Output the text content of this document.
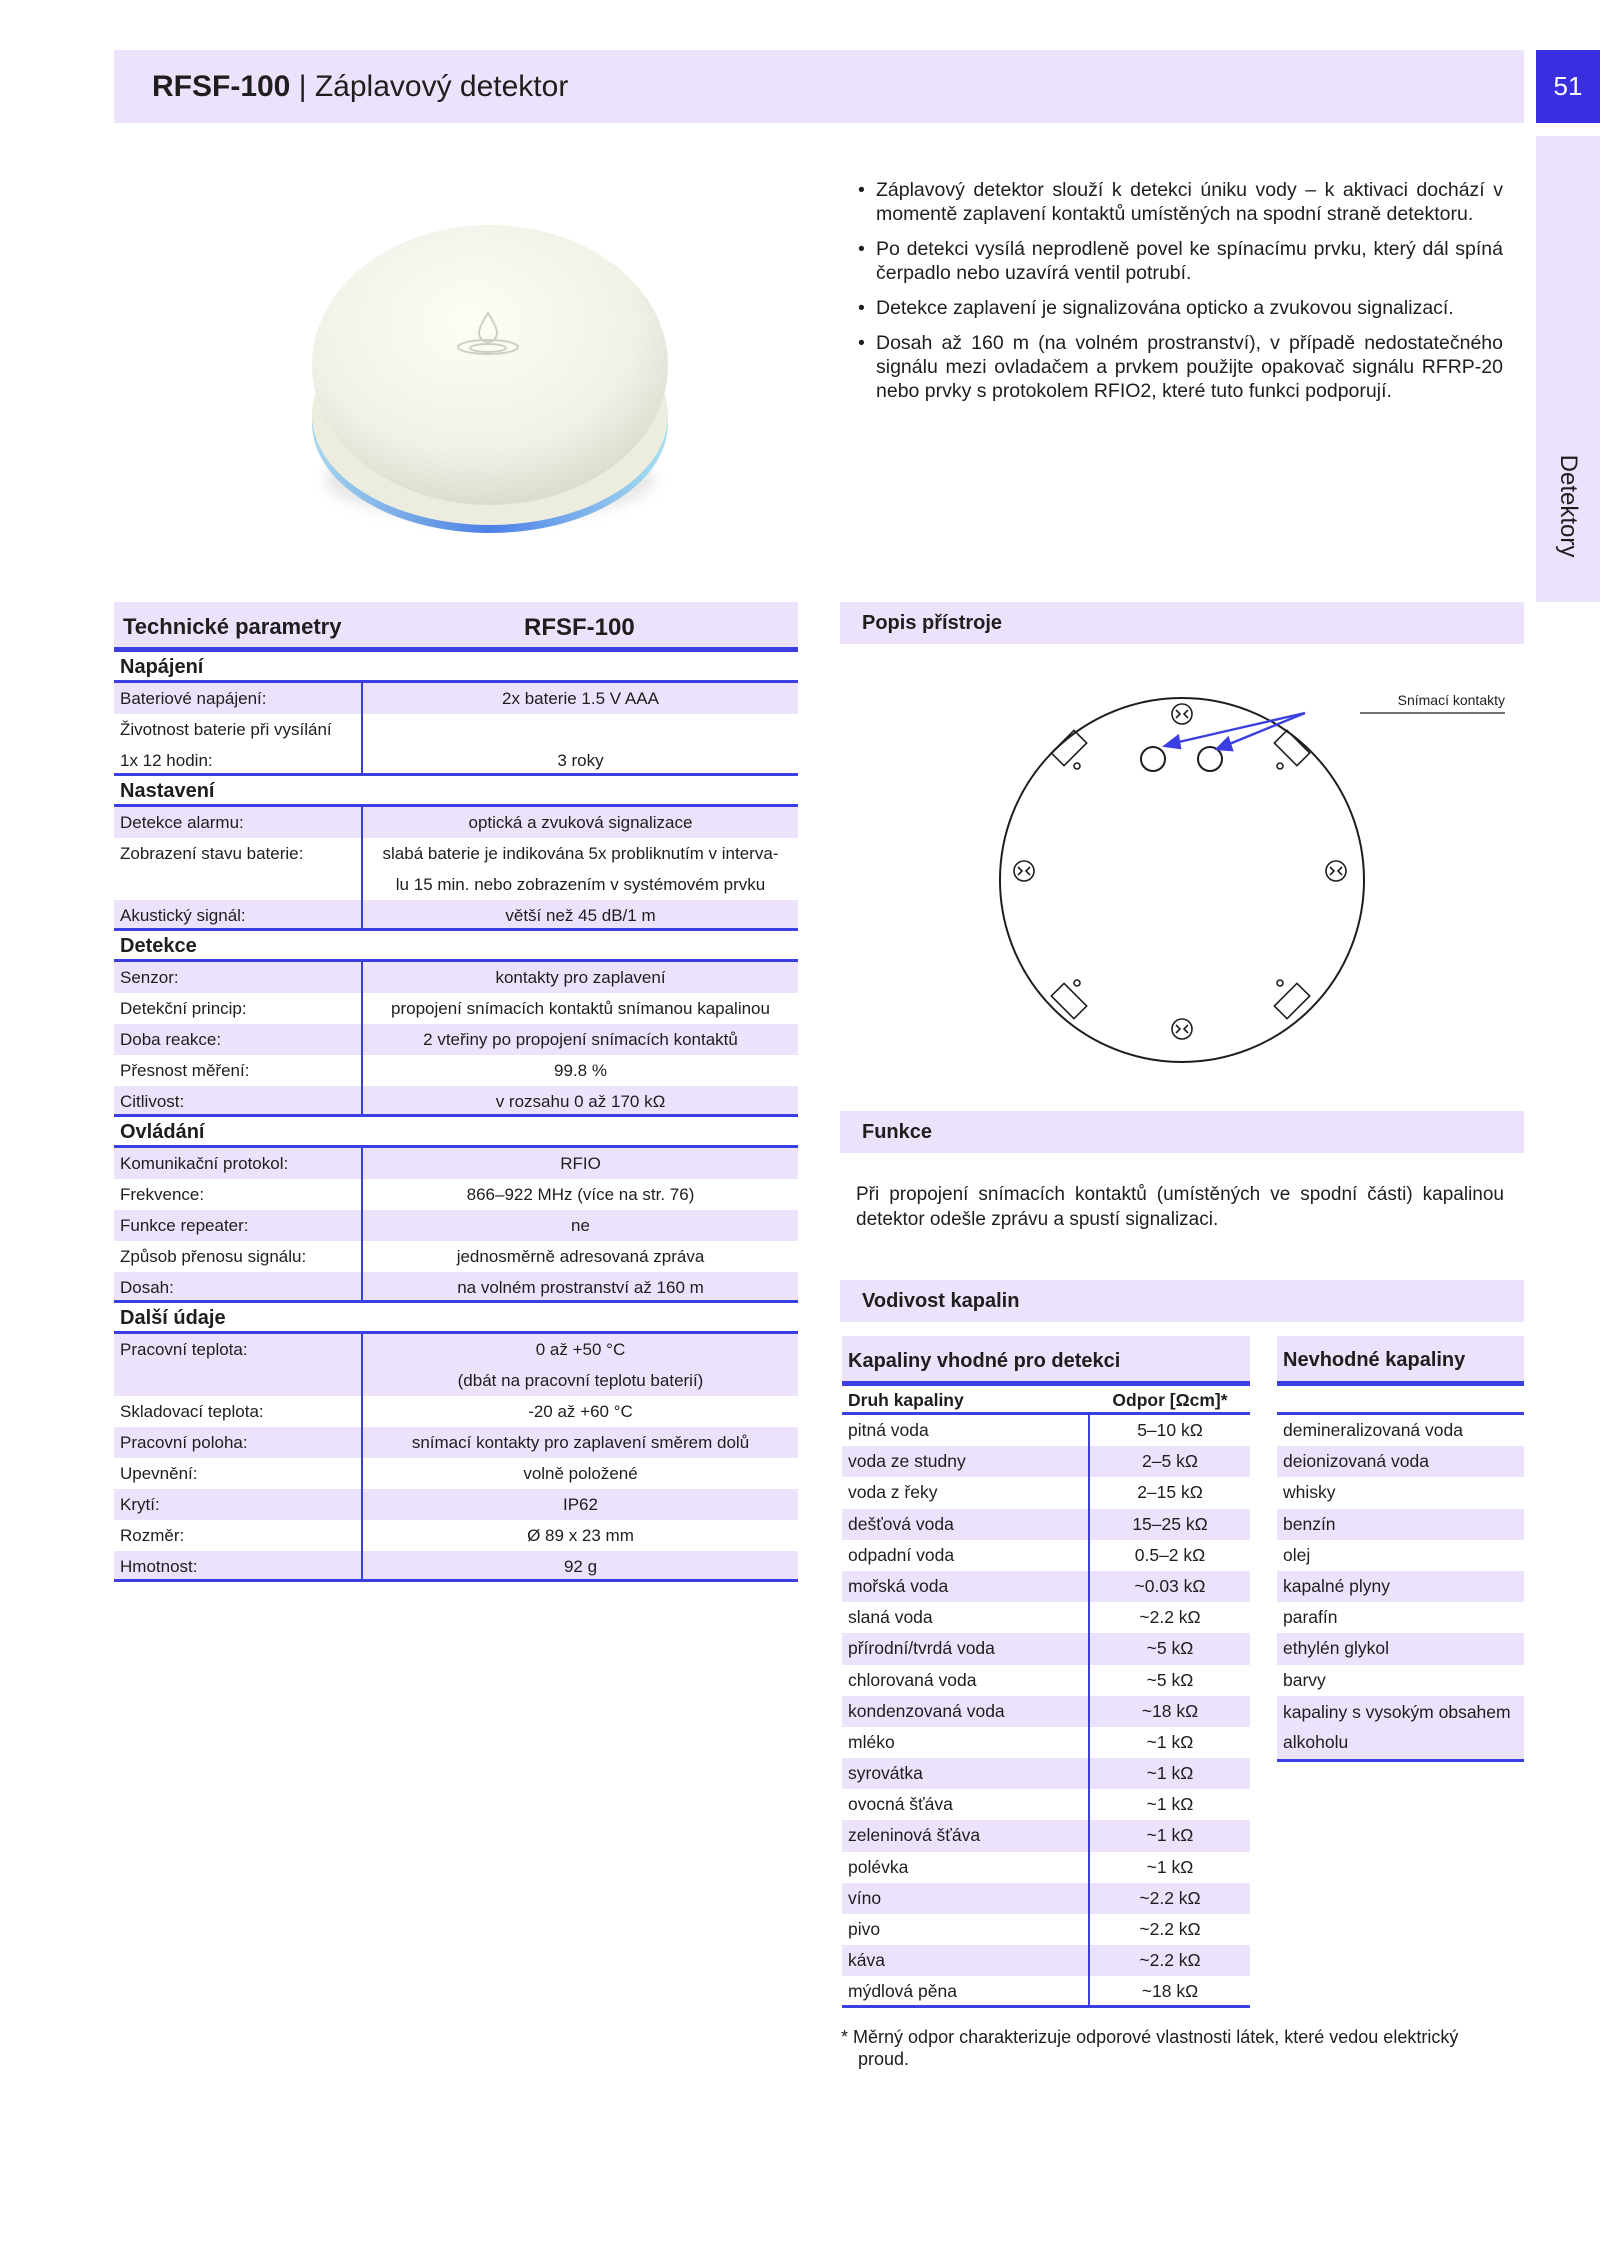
RFSF-100 | Záplavový detektor	51
Detektory
• Záplavový detektor slouží k detekci úniku vody – k aktivaci dochází v momentě zaplavení kontaktů umístěných na spodní straně detektoru.
• Po detekci vysílá neprodleně povel ke spínacímu prvku, který dál spíná čerpadlo nebo uzavírá ventil potrubí.
• Detekce zaplavení je signalizována opticko a zvukovou signalizací.
• Dosah až 160 m (na volném prostranství), v případě nedostatečného signálu mezi ovladačem a prvkem použijte opakovač signálu RFRP-20 nebo prvky s protokolem RFIO2, které tuto funkci podporují.
Technické parametry	RFSF-100
Napájení
Bateriové napájení:	2x baterie 1.5 V AAA
Životnost baterie při vysílání
1x 12 hodin:	3 roky
Nastavení
Detekce alarmu:	optická a zvuková signalizace
Zobrazení stavu baterie:	slabá baterie je indikována 5x probliknutím v interva-
lu 15 min. nebo zobrazením v systémovém prvku
Akustický signál:	větší než 45 dB/1 m
Detekce
Senzor:	kontakty pro zaplavení
Detekční princip:	propojení snímacích kontaktů snímanou kapalinou
Doba reakce:	2 vteřiny po propojení snímacích kontaktů
Přesnost měření:	99.8 %
Citlivost:	v rozsahu 0 až 170 kΩ
Ovládání
Komunikační protokol:	RFIO
Frekvence:	866–922 MHz (více na str. 76)
Funkce repeater:	ne
Způsob přenosu signálu:	jednosměrně adresovaná zpráva
Dosah:	na volném prostranství až 160 m
Další údaje
Pracovní teplota:	0 až +50 °C
(dbát na pracovní teplotu baterií)
Skladovací teplota:	-20 až +60 °C
Pracovní poloha:	snímací kontakty pro zaplavení směrem dolů
Upevnění:	volně položené
Krytí:	IP62
Rozměr:	Ø 89 x 23 mm
Hmotnost:	92 g
Popis přístroje
Snímací kontakty
Funkce

Při propojení snímacích kontaktů (umístěných ve spodní části) kapalinou detektor odešle zprávu a spustí signalizaci.

Vodivost kapalin
Kapaliny vhodné pro detekci
Druh kapaliny	Odpor [Ωcm]*
pitná voda	5–10 kΩ
voda ze studny	2–5 kΩ
voda z řeky	2–15 kΩ
dešťová voda	15–25 kΩ
odpadní voda	0.5–2 kΩ
mořská voda	~0.03 kΩ
slaná voda	~2.2 kΩ
přírodní/tvrdá voda	~5 kΩ
chlorovaná voda	~5 kΩ
kondenzovaná voda	~18 kΩ
mléko	~1 kΩ
syrovátka	~1 kΩ
ovocná šťáva	~1 kΩ
zeleninová šťáva	~1 kΩ
polévka	~1 kΩ
víno	~2.2 kΩ
pivo	~2.2 kΩ
káva	~2.2 kΩ
mýdlová pěna	~18 kΩ
Nevhodné kapaliny
demineralizovaná voda
deionizovaná voda
whisky
benzín
olej
kapalné plyny
parafín
ethylén glykol
barvy
kapaliny s vysokým obsahem alkoholu
* Měrný odpor charakterizuje odporové vlastnosti látek, které vedou elektrický
proud.
